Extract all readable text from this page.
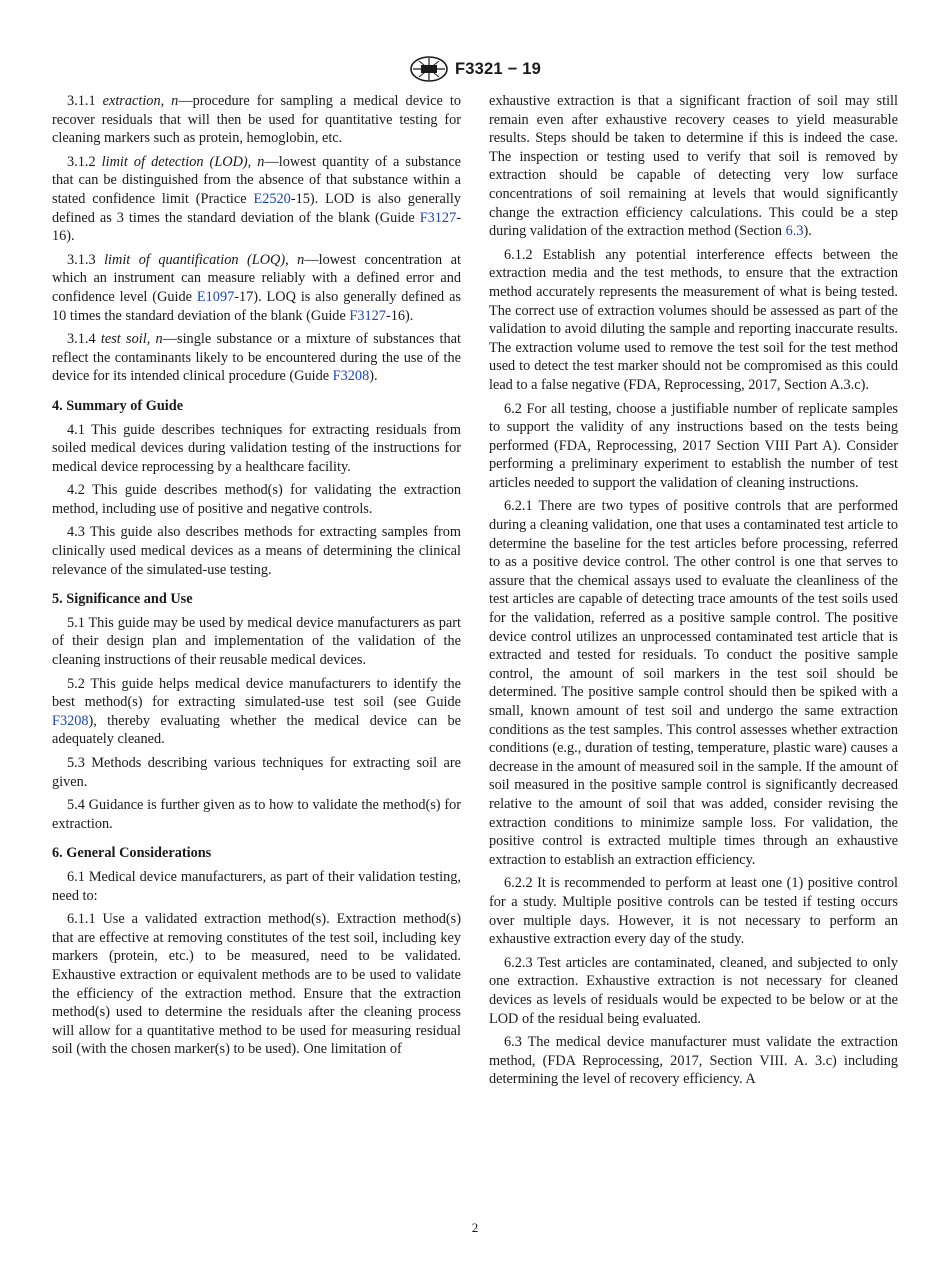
F3321 − 19

3.1.1 extraction, n—procedure for sampling a medical device to recover residuals that will then be used for quantitative testing for cleaning markers such as protein, hemoglobin, etc.

3.1.2 limit of detection (LOD), n—lowest quantity of a substance that can be distinguished from the absence of that substance within a stated confidence limit (Practice E2520-15). LOD is also generally defined as 3 times the standard deviation of the blank (Guide F3127-16).

3.1.3 limit of quantification (LOQ), n—lowest concentration at which an instrument can measure reliably with a defined error and confidence level (Guide E1097-17). LOQ is also generally defined as 10 times the standard deviation of the blank (Guide F3127-16).

3.1.4 test soil, n—single substance or a mixture of substances that reflect the contaminants likely to be encountered during the use of the device for its intended clinical procedure (Guide F3208).

4. Summary of Guide

4.1 This guide describes techniques for extracting residuals from soiled medical devices during validation testing of the instructions for medical device reprocessing by a healthcare facility.

4.2 This guide describes method(s) for validating the extraction method, including use of positive and negative controls.

4.3 This guide also describes methods for extracting samples from clinically used medical devices as a means of determining the clinical relevance of the simulated-use testing.

5. Significance and Use

5.1 This guide may be used by medical device manufacturers as part of their design plan and implementation of the validation of the cleaning instructions of their reusable medical devices.

5.2 This guide helps medical device manufacturers to identify the best method(s) for extracting simulated-use test soil (see Guide F3208), thereby evaluating whether the medical device can be adequately cleaned.

5.3 Methods describing various techniques for extracting soil are given.

5.4 Guidance is further given as to how to validate the method(s) for extraction.

6. General Considerations

6.1 Medical device manufacturers, as part of their validation testing, need to:

6.1.1 Use a validated extraction method(s). Extraction method(s) that are effective at removing constitutes of the test soil, including key markers (protein, etc.) to be measured, need to be validated. Exhaustive extraction or equivalent methods are to be used to validate the efficiency of the extraction method. Ensure that the extraction method(s) used to determine the residuals after the cleaning process will allow for a quantitative method to be used for measuring residual soil (with the chosen marker(s) to be used). One limitation of

exhaustive extraction is that a significant fraction of soil may still remain even after exhaustive recovery ceases to yield measurable results. Steps should be taken to determine if this is indeed the case. The inspection or testing used to verify that soil is removed by extraction should be capable of detecting very low surface concentrations of soil remaining at levels that would significantly change the extraction efficiency calculations. This could be a step during validation of the extraction method (Section 6.3).

6.1.2 Establish any potential interference effects between the extraction media and the test methods, to ensure that the extraction method accurately represents the measurement of what is being tested. The correct use of extraction volumes should be assessed as part of the validation to avoid diluting the sample and reporting inaccurate results. The extraction volume used to remove the test soil for the test method used to detect the test marker should not be compromised as this could lead to a false negative (FDA, Reprocessing, 2017, Section A.3.c).

6.2 For all testing, choose a justifiable number of replicate samples to support the validity of any instructions based on the tests being performed (FDA, Reprocessing, 2017 Section VIII Part A). Consider performing a preliminary experiment to establish the number of test articles needed to support the validation of cleaning instructions.

6.2.1 There are two types of positive controls that are performed during a cleaning validation, one that uses a contaminated test article to determine the baseline for the test articles before processing, referred to as a positive device control. The other control is one that serves to assure that the chemical assays used to evaluate the cleanliness of the test articles are capable of detecting trace amounts of the test soils used for the validation, referred as a positive sample control. The positive device control utilizes an unprocessed contaminated test article that is extracted and tested for residuals. To conduct the positive sample control, the amount of soil markers in the test soil should be determined. The positive sample control should then be spiked with a small, known amount of test soil and undergo the same extraction conditions as the test samples. This control assesses whether extraction conditions (e.g., duration of testing, temperature, plastic ware) causes a decrease in the amount of measured soil in the sample. If the amount of soil measured in the positive sample control is significantly decreased relative to the amount of soil that was added, consider revising the extraction conditions to minimize sample loss. For validation, the positive control is extracted multiple times through an exhaustive extraction to establish an extraction efficiency.

6.2.2 It is recommended to perform at least one (1) positive control for a study. Multiple positive controls can be tested if testing occurs over multiple days. However, it is not necessary to perform an exhaustive extraction every day of the study.

6.2.3 Test articles are contaminated, cleaned, and subjected to only one extraction. Exhaustive extraction is not necessary for cleaned devices as levels of residuals would be expected to be below or at the LOD of the residual being evaluated.

6.3 The medical device manufacturer must validate the extraction method, (FDA Reprocessing, 2017, Section VIII. A. 3.c) including determining the level of recovery efficiency. A

2
